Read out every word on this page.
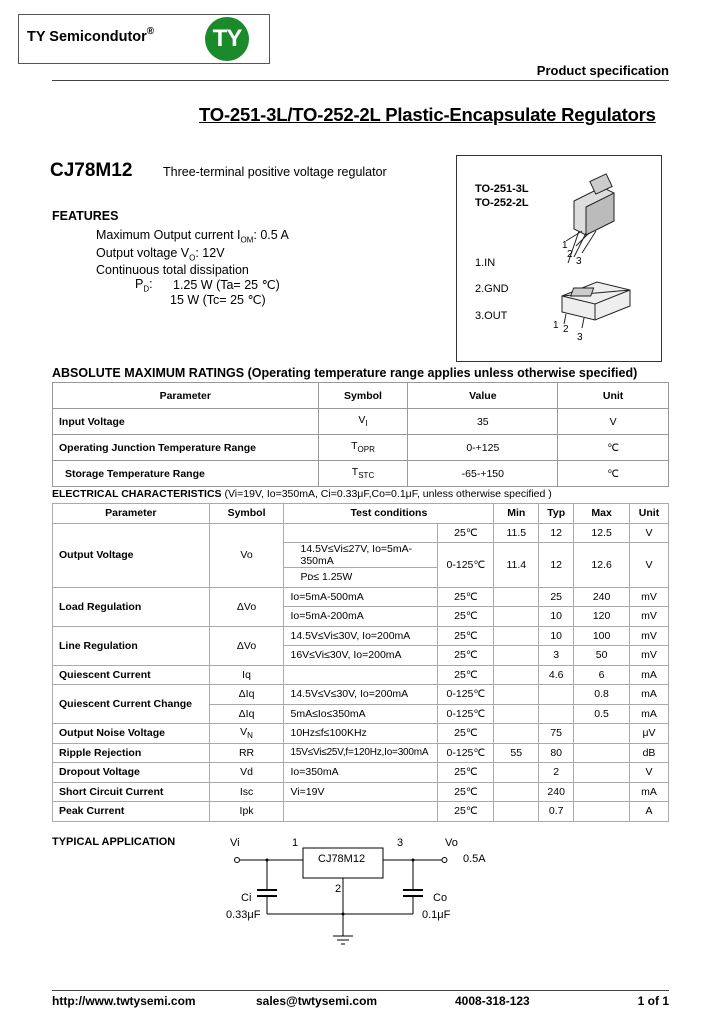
TY Semicondutor®	TY
Product specification
TO-251-3L/TO-252-2L Plastic-Encapsulate Regulators
CJ78M12 Three-terminal positive voltage regulator
FEATURES
Maximum Output current $I_{OM}$: 0.5 A
Output voltage $V_O$: 12V
Continuous total dissipation
$P_D$: 1.25 W (Ta= 25 ℃)
15 W (Tc= 25 ℃)
TO-251-3L
TO-252-2L
1.IN
2.GND
3.OUT
1
2
3
1 2
3
ABSOLUTE MAXIMUM RATINGS (Operating temperature range applies unless otherwise specified)
Parameter	Symbol	Value	Unit
Input Voltage	$V_I$	35	V
Operating Junction Temperature Range	$T_{OPR}$	0-+125	℃
Storage Temperature Range	$T_{STC}$	-65-+150	℃
ELECTRICAL CHARACTERISTICS (Vi=19V, Io=350mA, Ci=0.33μF,Co=0.1μF, unless otherwise specified )
Parameter	Symbol	Test conditions		Min	Typ	Max	Unit
Output Voltage	Vo		25℃	11.5	12	12.5	V
		14.5V≤Vi≤27V, Io=5mA-350mA	0-125℃	11.4	12	12.6	V
		Pᴅ≤ 1.25W					
Load Regulation	ΔVo	Io=5mA-500mA	25℃		25	240	mV
		Io=5mA-200mA	25℃		10	120	mV
Line Regulation	ΔVo	14.5V≤Vi≤30V, Io=200mA	25℃		10	100	mV
		16V≤Vi≤30V, Io=200mA	25℃		3	50	mV
Quiescent Current	Iq		25℃		4.6	6	mA
Quiescent Current Change	ΔIq	14.5V≤V≤30V, Io=200mA	0-125℃			0.8	mA
	ΔIq	5mA≤Io≤350mA	0-125℃			0.5	mA
Output Noise Voltage	$V_N$	10Hz≤f≤100KHz	25℃		75		μV
Ripple Rejection	RR	15V≤Vi≤25V,f=120Hz,Io=300mA	0-125℃	55	80		dB
Dropout Voltage	Vd	Io=350mA	25℃		2		V
Short Circuit Current	Isc	Vi=19V	25℃		240		mA
Peak Current	Ipk		25℃		0.7		A
TYPICAL APPLICATION	Vi	1	3	Vo
CJ78M12	0.5A
2
Ci
0.33μF
Co
0.1μF
http://www.twtysemi.com	sales@twtysemi.com	4008-318-123	1 of 1
